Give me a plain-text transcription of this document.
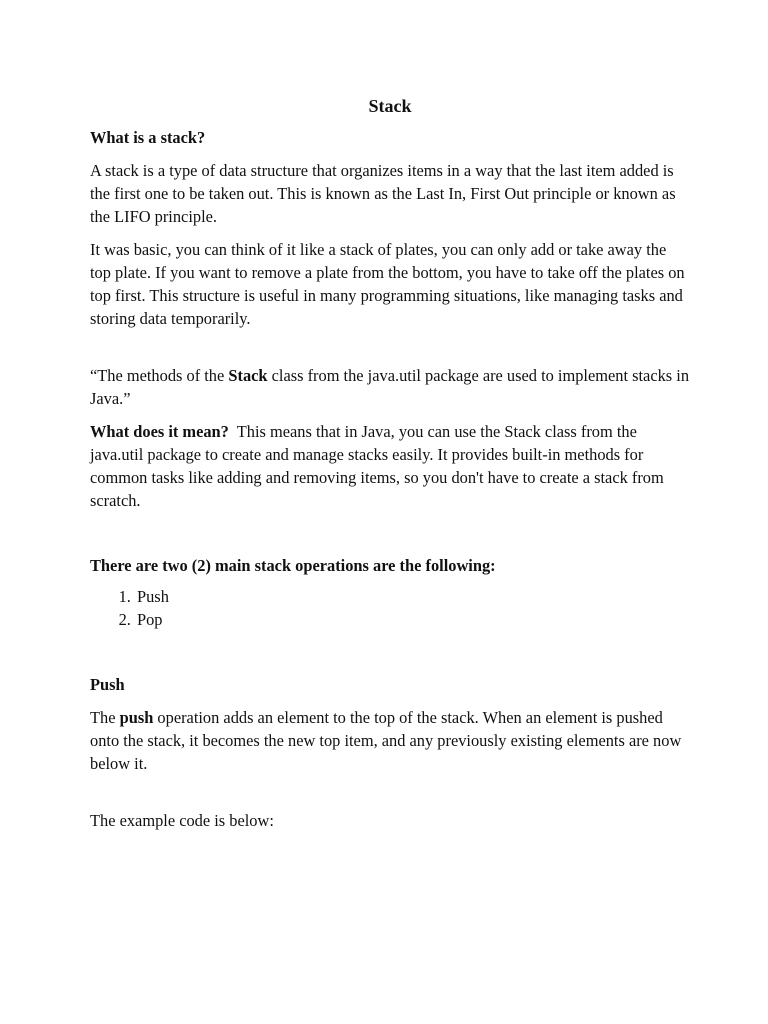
Stack

What is a stack?

A stack is a type of data structure that organizes items in a way that the last item added is the first one to be taken out. This is known as the Last In, First Out principle or known as the LIFO principle.

It was basic, you can think of it like a stack of plates, you can only add or take away the top plate. If you want to remove a plate from the bottom, you have to take off the plates on top first. This structure is useful in many programming situations, like managing tasks and storing data temporarily.

“The methods of the Stack class from the java.util package are used to implement stacks in Java.”

What does it mean?  This means that in Java, you can use the Stack class from the java.util package to create and manage stacks easily. It provides built-in methods for common tasks like adding and removing items, so you don't have to create a stack from scratch.

There are two (2) main stack operations are the following:

1. Push
2. Pop

Push

The push operation adds an element to the top of the stack. When an element is pushed onto the stack, it becomes the new top item, and any previously existing elements are now below it.

The example code is below:
